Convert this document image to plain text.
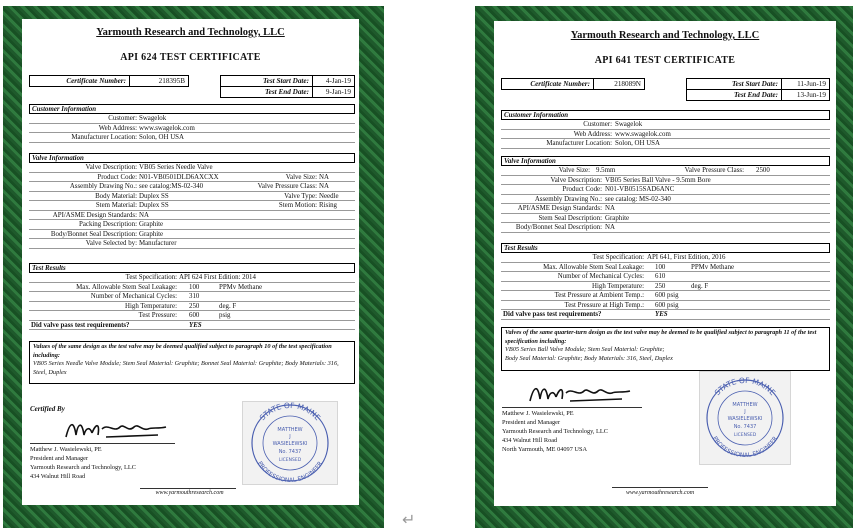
Yarmouth Research and Technology, LLC
API 624 TEST CERTIFICATE
Certificate Number:	218395B	Test Start Date:	4-Jan-19
Test End Date:	9-Jan-19
Customer Information
Customer: Swagelok
Web Address: www.swagelok.com
Manufacturer Location: Solon, OH USA
Valve Information
Valve Description: VB05 Series Needle Valve
Product Code: N01-VB0501DLD6AXCXX	Valve Size: NA
Assembly Drawing No.: see catalog:MS-02-340	Valve Pressure Class: NA
Body Material: Duplex SS	Valve Type: Needle
Stem Material: Duplex SS	Stem Motion: Rising
API/ASME Design Standards: NA
Packing Description: Graphite
Body/Bonnet Seal Description: Graphite
Valve Selected by: Manufacturer
Test Results
Test Specification: API 624 First Edition: 2014
Max. Allowable Stem Seal Leakage: 100	PPMv Methane
Number of Mechanical Cycles: 310
High Temperature: 250	deg. F
Test Pressure: 600	psig
Did valve pass test requirements?	YES
Values of the same design as the test valve may be deemed qualified subject to paragraph 10 of the test specification including:
VB05 Series Needle Valve Module; Stem Seal Material: Graphite; Bonnet Seal Material: Graphite; Body Materials: 316, Steel, Duplex
Certified By
Matthew J. Wasielewski, PE
President and Manager
Yarmouth Research and Technology, LLC
434 Walnut Hill Road
STATE OF MAINE
PROFESSIONAL ENGINEER
MATTHEW
J
WASIELEWSKI
No. 7437
LICENSED
www.yarmouthresearch.com
Yarmouth Research and Technology, LLC
API 641 TEST CERTIFICATE
Certificate Number:	218089N	Test Start Date:	11-Jun-19
Test End Date:	13-Jun-19
Customer Information
Customer: Swagelok
Web Address: www.swagelok.com
Manufacturer Location: Solon, OH USA
Valve Information
Valve Size: 9.5mm	Valve Pressure Class: 2500
Valve Description: VB05 Series Ball Valve - 9.5mm Bore
Product Code: N01-VB0515SAD6ANC
Assembly Drawing No.: see catalog: MS-02-340
API/ASME Design Standards: NA
Stem Seal Description: Graphite
Body/Bonnet Seal Description: NA
Test Results
Test Specification: API 641, First Edition, 2016
Max. Allowable Stem Seal Leakage: 100	PPMv Methane
Number of Mechanical Cycles: 610
High Temperature: 250	deg. F
Test Pressure at Ambient Temp.: 600 psig
Test Pressure at High Temp.: 600 psig
Did valve pass test requirements?	YES
Valves of the same quarter-turn design as the test valve may be deemed to be qualified subject to paragraph 11 of the test specification including:
VB05 Series Ball Valve Module; Stem Seal Material: Graphite;
Body Seal Material: Graphite; Body Materials: 316, Steel, Duplex
Matthew J. Wasielewski, PE
President and Manager
Yarmouth Research and Technology, LLC
434 Walnut Hill Road
North Yarmouth, ME 04097 USA
STATE OF MAINE
PROFESSIONAL ENGINEER
MATTHEW
J
WASIELEWSKI
No. 7437
LICENSED
www.yarmouthresearch.com
↵
